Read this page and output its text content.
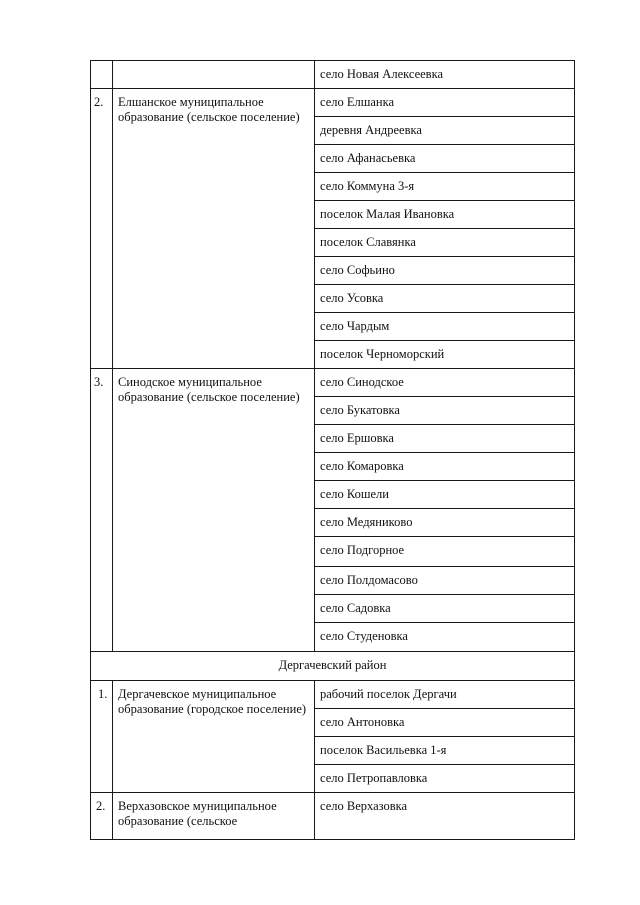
село Новая Алексеевка
2. Елшанское муниципальное образование (сельское поселение)
село Елшанка
деревня Андреевка
село Афанасьевка
село Коммуна 3-я
поселок Малая Ивановка
поселок Славянка
село Софьино
село Усовка
село Чардым
поселок Черноморский
3. Синодское муниципальное образование (сельское поселение)
село Синодское
село Букатовка
село Ершовка
село Комаровка
село Кошели
село Медяниково
село Подгорное
село Полдомасово
село Садовка
село Студеновка
Дергачевский район
1. Дергачевское муниципальное образование (городское поселение)
рабочий поселок Дергачи
село Антоновка
поселок Васильевка 1-я
село Петропавловка
2. Верхазовское муниципальное образование (сельское
село Верхазовка
